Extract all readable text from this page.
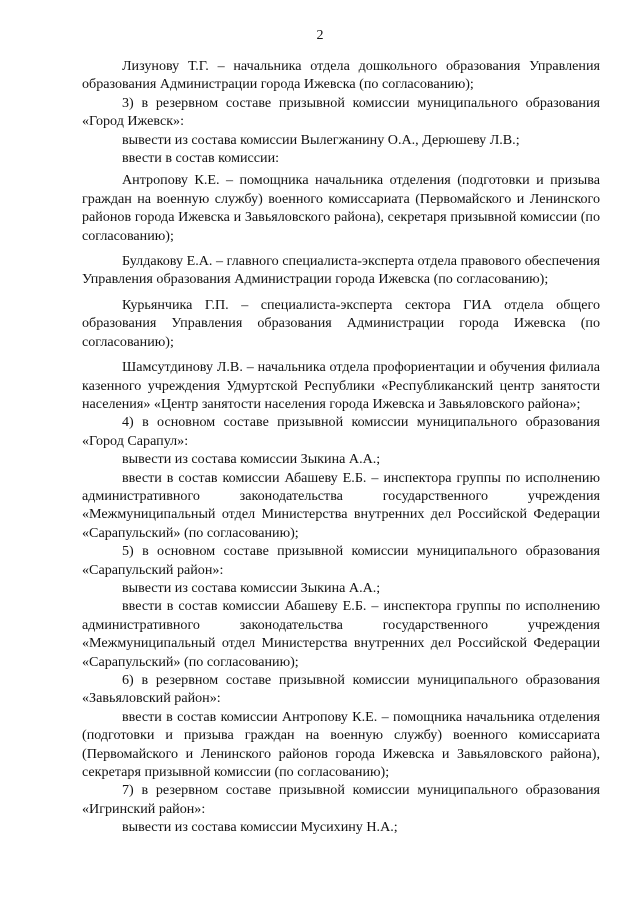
2

Лизунову Т.Г. – начальника отдела дошкольного образования Управления образования Администрации города Ижевска (по согласованию);

3) в резервном составе призывной комиссии муниципального образования «Город Ижевск»:

вывести из состава комиссии Вылегжанину О.А., Дерюшеву Л.В.;

ввести в состав комиссии:

Антропову К.Е. – помощника начальника отделения (подготовки и призыва граждан на военную службу) военного комиссариата (Первомайского и Ленинского районов города Ижевска и Завьяловского района), секретаря призывной комиссии (по согласованию);

Булдакову Е.А. – главного специалиста-эксперта отдела правового обеспечения Управления образования Администрации города Ижевска (по согласованию);

Курьянчика Г.П. – специалиста-эксперта сектора ГИА отдела общего образования Управления образования Администрации города Ижевска (по согласованию);

Шамсутдинову Л.В. – начальника отдела профориентации и обучения филиала казенного учреждения Удмуртской Республики «Республиканский центр занятости населения» «Центр занятости населения города Ижевска и Завьяловского района»;

4) в основном составе призывной комиссии муниципального образования «Город Сарапул»:

вывести из состава комиссии Зыкина А.А.;

ввести в состав комиссии Абашеву Е.Б. – инспектора группы по исполнению административного законодательства государственного учреждения «Межмуниципальный отдел Министерства внутренних дел Российской Федерации «Сарапульский» (по согласованию);

5) в основном составе призывной комиссии муниципального образования «Сарапульский район»:

вывести из состава комиссии Зыкина А.А.;

ввести в состав комиссии Абашеву Е.Б. – инспектора группы по исполнению административного законодательства государственного учреждения «Межмуниципальный отдел Министерства внутренних дел Российской Федерации «Сарапульский» (по согласованию);

6) в резервном составе призывной комиссии муниципального образования «Завьяловский район»:

ввести в состав комиссии Антропову К.Е. – помощника начальника отделения (подготовки и призыва граждан на военную службу) военного комиссариата (Первомайского и Ленинского районов города Ижевска и Завьяловского района), секретаря призывной комиссии (по согласованию);

7) в резервном составе призывной комиссии муниципального образования «Игринский район»:

вывести из состава комиссии Мусихину Н.А.;
